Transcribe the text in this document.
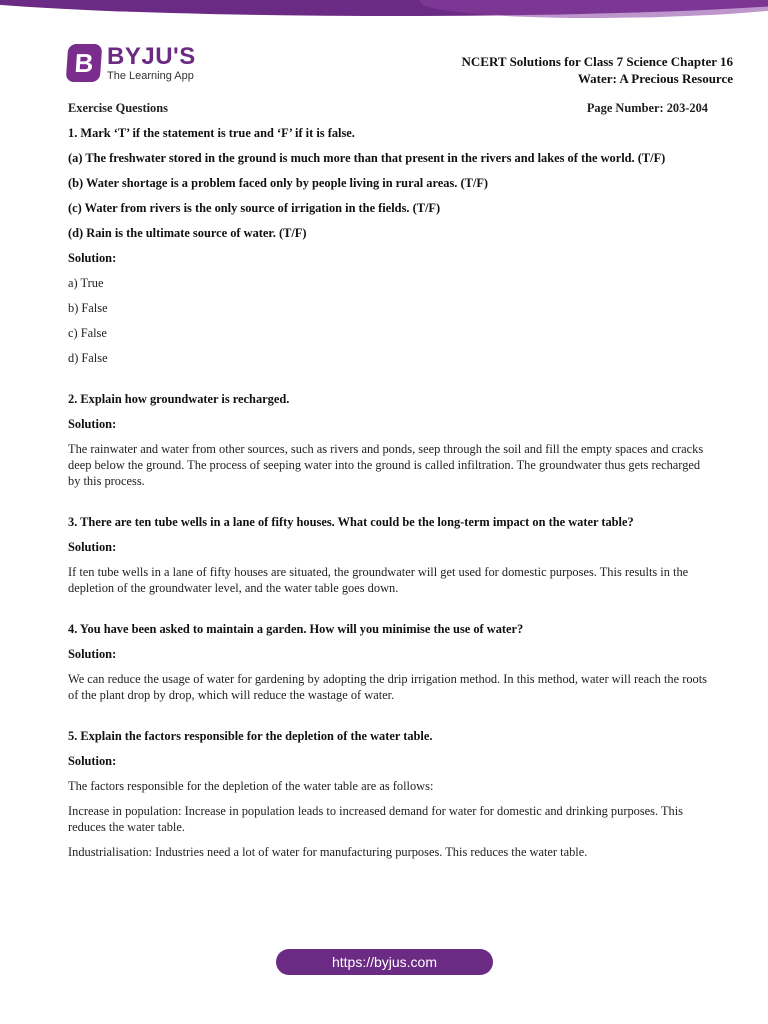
B BYJU'S
The Learning App
NCERT Solutions for Class 7 Science Chapter 16
Water: A Precious Resource
Exercise Questions	Page Number: 203-204

1. Mark ‘T’ if the statement is true and ‘F’ if it is false.

(a) The freshwater stored in the ground is much more than that present in the rivers and lakes of the world. (T/F)

(b) Water shortage is a problem faced only by people living in rural areas. (T/F)

(c) Water from rivers is the only source of irrigation in the fields. (T/F)

(d) Rain is the ultimate source of water. (T/F)

Solution:

a) True

b) False

c) False

d) False

2. Explain how groundwater is recharged.

Solution:

The rainwater and water from other sources, such as rivers and ponds, seep through the soil and fill the empty spaces and cracks deep below the ground. The process of seeping water into the ground is called infiltration. The groundwater thus gets recharged by this process.

3. There are ten tube wells in a lane of fifty houses. What could be the long-term impact on the water table?

Solution:

If ten tube wells in a lane of fifty houses are situated, the groundwater will get used for domestic purposes. This results in the depletion of the groundwater level, and the water table goes down.

4. You have been asked to maintain a garden. How will you minimise the use of water?

Solution:

We can reduce the usage of water for gardening by adopting the drip irrigation method. In this method, water will reach the roots of the plant drop by drop, which will reduce the wastage of water.

5. Explain the factors responsible for the depletion of the water table.

Solution:

The factors responsible for the depletion of the water table are as follows:

Increase in population: Increase in population leads to increased demand for water for domestic and drinking purposes. This reduces the water table.

Industrialisation: Industries need a lot of water for manufacturing purposes. This reduces the water table.

https://byjus.com
